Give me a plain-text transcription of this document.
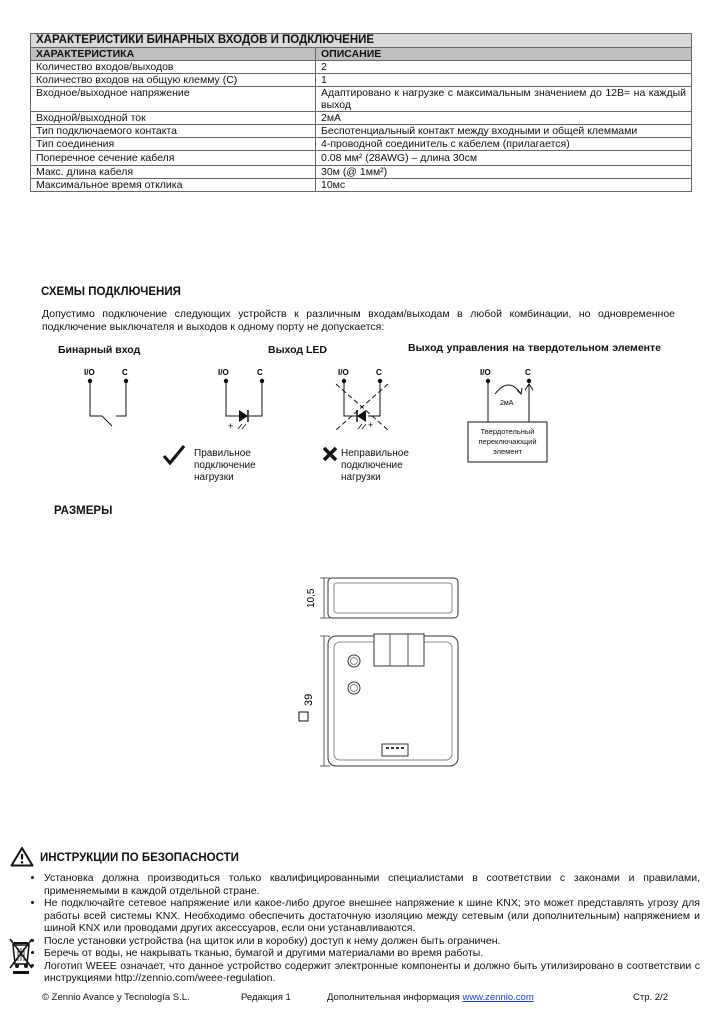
ХАРАКТЕРИСТИКИ БИНАРНЫХ ВХОДОВ И ПОДКЛЮЧЕНИЕ	
ХАРАКТЕРИСТИКА	ОПИСАНИЕ
Количество входов/выходов	2
Количество входов на общую клемму (С)	1
Входное/выходное напряжение	Адаптировано к нагрузке с максимальным значением до 12В= на каждый выход
Входной/выходной ток	2мА
Тип подключаемого контакта	Беспотенциальный контакт между входными и общей клеммами
Тип соединения	4-проводной соединитель с кабелем (прилагается)
Поперечное сечение кабеля	0.08 мм² (28AWG) – длина 30см
Макс. длина кабеля	30м (@ 1мм²)
Максимальное время отклика	10мс
СХЕМЫ ПОДКЛЮЧЕНИЯ
Допустимо подключение следующих устройств к различным входам/выходам в любой комбинации, но одновременное подключение выключателя и выходов к одному порту не допускается:
Бинарный вход	Выход LED	Выход управления на твердотельном элементе
I/O	C	I/O	C
+
I/O	C
+
I/O	C
2мА
Твердотельный переключающий элемент
Правильное подключение нагрузки
Неправильное подключение нагрузки
РАЗМЕРЫ
10,5
39
ИНСТРУКЦИИ ПО БЕЗОПАСНОСТИ
• Установка должна производиться только квалифицированными специалистами в соответствии с законами и правилами, применяемыми в каждой отдельной стране.
• Не подключайте сетевое напряжение или какое-либо другое внешнее напряжение к шине KNX; это может представлять угрозу для работы всей системы KNX. Необходимо обеспечить достаточную изоляцию между сетевым (или дополнительным) напряжением и шиной KNX или проводами других аксессуаров, если они устанавливаются.
• После установки устройства (на щиток или в коробку) доступ к нему должен быть ограничен.
• Беречь от воды, не накрывать тканью, бумагой и другими материалами во время работы.
• Логотип WEEE означает, что данное устройство содержит электронные компоненты и должно быть утилизировано в соответствии с инструкциями http://zennio.com/weee-regulation.
© Zennio Avance y Tecnología S.L.	Редакция 1	Дополнительная информация www.zennio.com	Стр. 2/2
